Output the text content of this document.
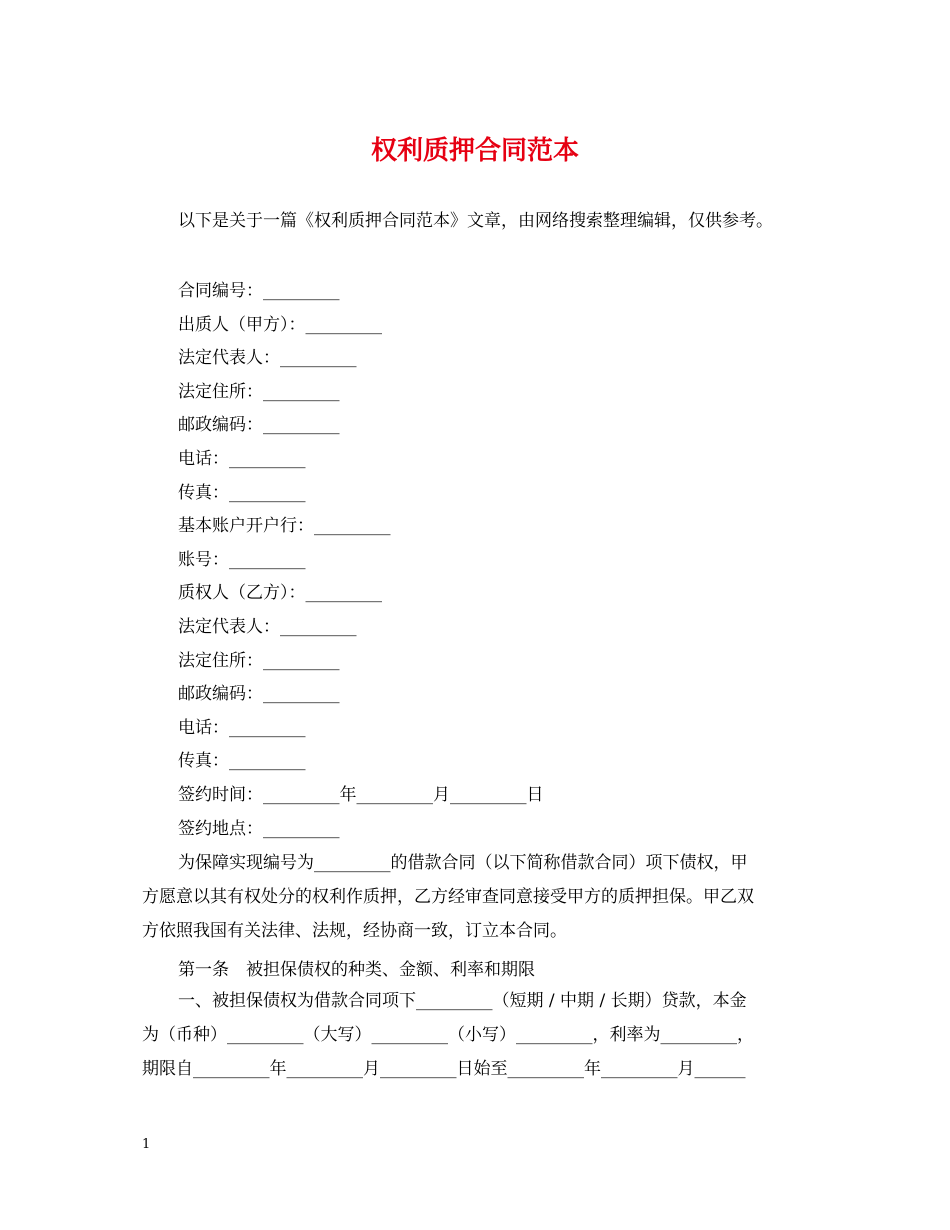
权利质押合同范本
以下是关于一篇《权利质押合同范本》文章，由网络搜索整理编辑，仅供参考。
合同编号：_________
出质人（甲方）：_________
法定代表人：_________
法定住所：_________
邮政编码：_________
电话：_________
传真：_________
基本账户开户行：_________
账号：_________
质权人（乙方）：_________
法定代表人：_________
法定住所：_________
邮政编码：_________
电话：_________
传真：_________
签约时间：_________年_________月_________日
签约地点：_________
为保障实现编号为_________的借款合同（以下简称借款合同）项下债权，甲
方愿意以其有权处分的权利作质押，乙方经审查同意接受甲方的质押担保。甲乙双
方依照我国有关法律、法规，经协商一致，订立本合同。
第一条　被担保债权的种类、金额、利率和期限
一、被担保债权为借款合同项下_________（短期 / 中期 / 长期）贷款，本金
为（币种）_________（大写）_________（小写）_________，利率为_________，
期限自_________年_________月_________日始至_________年_________月______
1
